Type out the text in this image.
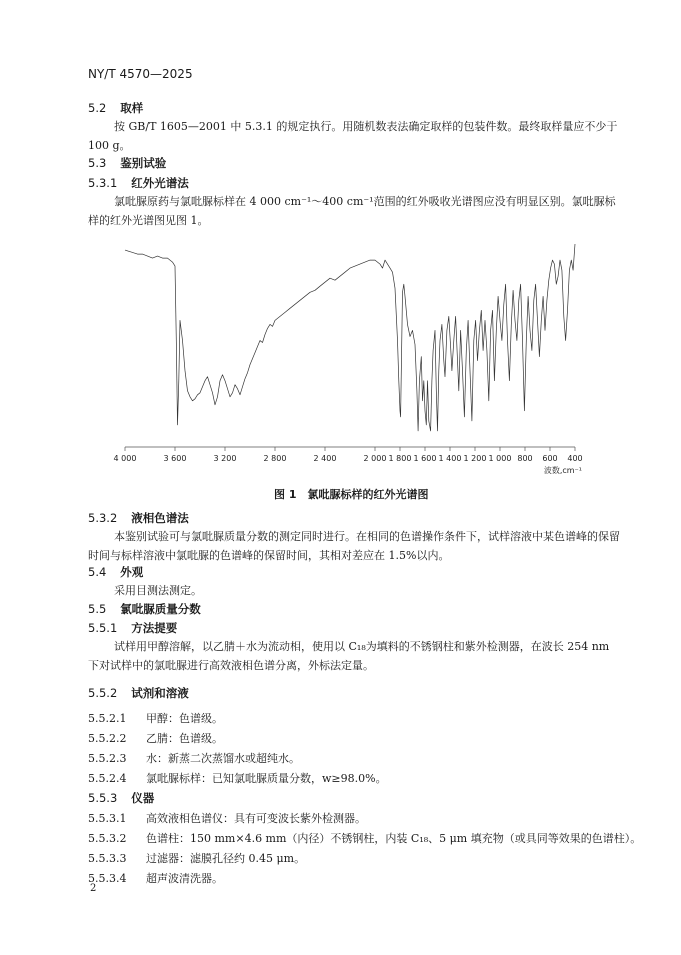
NY/T 4570—2025
5.2 取样
按 GB/T 1605—2001 中 5.3.1 的规定执行。用随机数表法确定取样的包装件数。最终取样量应不少于 100 g。
5.3 鉴别试验
5.3.1 红外光谱法
氯吡脲原药与氯吡脲标样在 4 000 cm⁻¹～400 cm⁻¹范围的红外吸收光谱图应没有明显区别。氯吡脲标样的红外光谱图见图 1。
4 000	3 600	3 200	2 800	2 400	2 000 1 800 1 600 1 400 1 200 1 000 800 600 400
波数,cm⁻¹
图 1　氯吡脲标样的红外光谱图
5.3.2 液相色谱法
本鉴别试验可与氯吡脲质量分数的测定同时进行。在相同的色谱操作条件下，试样溶液中某色谱峰的保留时间与标样溶液中氯吡脲的色谱峰的保留时间，其相对差应在 1.5%以内。
5.4 外观
采用目测法测定。
5.5 氯吡脲质量分数
5.5.1 方法提要
试样用甲醇溶解，以乙腈＋水为流动相，使用以 C₁₈为填料的不锈钢柱和紫外检测器，在波长 254 nm 下对试样中的氯吡脲进行高效液相色谱分离，外标法定量。
5.5.2 试剂和溶液
5.5.2.1 甲醇：色谱级。
5.5.2.2 乙腈：色谱级。
5.5.2.3 水：新蒸二次蒸馏水或超纯水。
5.5.2.4 氯吡脲标样：已知氯吡脲质量分数，w≥98.0%。
5.5.3 仪器
5.5.3.1 高效液相色谱仪：具有可变波长紫外检测器。
5.5.3.2 色谱柱：150 mm×4.6 mm（内径）不锈钢柱，内装 C₁₈、5 μm 填充物（或具同等效果的色谱柱）。
5.5.3.3 过滤器：滤膜孔径约 0.45 μm。
5.5.3.4 超声波清洗器。
2
